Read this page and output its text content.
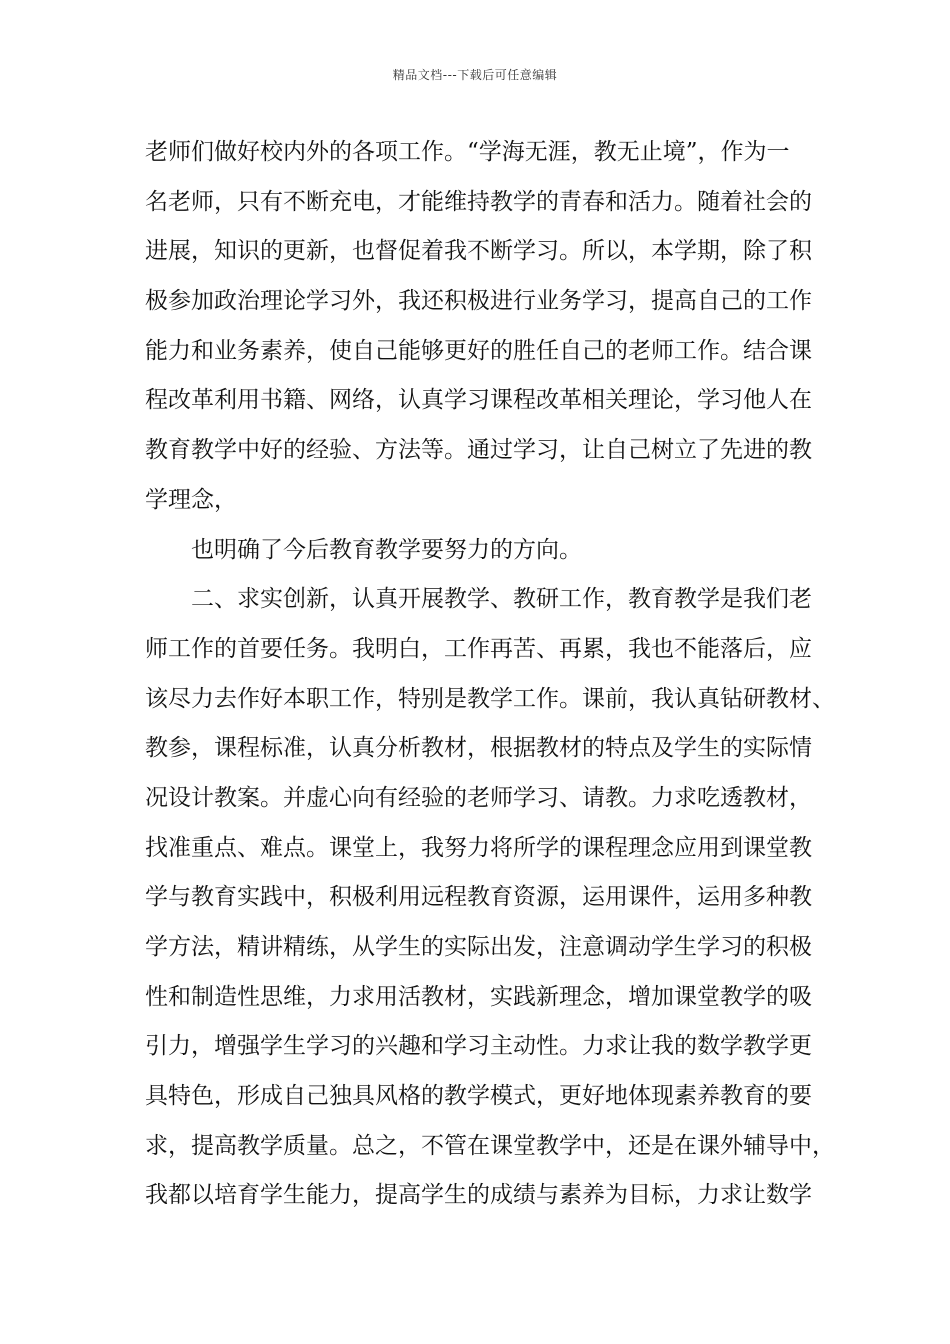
精品文档---下载后可任意编辑
老师们做好校内外的各项工作。“学海无涯，教无止境”，作为一
名老师，只有不断充电，才能维持教学的青春和活力。随着社会的
进展，知识的更新，也督促着我不断学习。所以，本学期，除了积
极参加政治理论学习外，我还积极进行业务学习，提高自己的工作
能力和业务素养，使自己能够更好的胜任自己的老师工作。结合课
程改革利用书籍、网络，认真学习课程改革相关理论，学习他人在
教育教学中好的经验、方法等。通过学习，让自己树立了先进的教
学理念，
也明确了今后教育教学要努力的方向。
二、求实创新，认真开展教学、教研工作，教育教学是我们老
师工作的首要任务。我明白，工作再苦、再累，我也不能落后，应
该尽力去作好本职工作，特别是教学工作。课前，我认真钻研教材、
教参，课程标准，认真分析教材，根据教材的特点及学生的实际情
况设计教案。并虚心向有经验的老师学习、请教。力求吃透教材，
找准重点、难点。课堂上，我努力将所学的课程理念应用到课堂教
学与教育实践中，积极利用远程教育资源，运用课件，运用多种教
学方法，精讲精练，从学生的实际出发，注意调动学生学习的积极
性和制造性思维，力求用活教材，实践新理念，增加课堂教学的吸
引力，增强学生学习的兴趣和学习主动性。力求让我的数学教学更
具特色，形成自己独具风格的教学模式，更好地体现素养教育的要
求，提高教学质量。总之，不管在课堂教学中，还是在课外辅导中，
我都以培育学生能力，提高学生的成绩与素养为目标，力求让数学
